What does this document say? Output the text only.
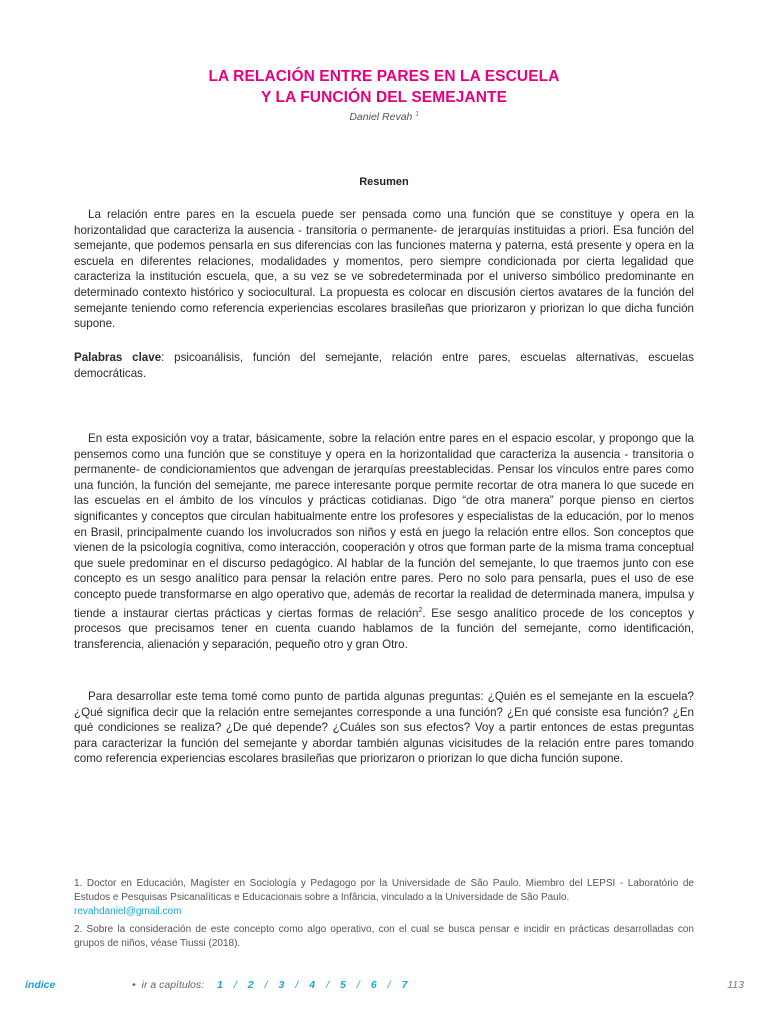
LA RELACIÓN ENTRE PARES EN LA ESCUELA
Y LA FUNCIÓN DEL SEMEJANTE
Daniel Revah $^1$
Resumen
La relación entre pares en la escuela puede ser pensada como una función que se constituye y opera en la horizontalidad que caracteriza la ausencia - transitoria o permanente- de jerarquías instituidas a priori. Esa función del semejante, que podemos pensarla en sus diferencias con las funciones materna y paterna, está presente y opera en la escuela en diferentes relaciones, modalidades y momentos, pero siempre condicionada por cierta legalidad que caracteriza la institución escuela, que, a su vez se ve sobredeterminada por el universo simbólico predominante en determinado contexto histórico y sociocultural. La propuesta es colocar en discusión ciertos avatares de la función del semejante teniendo como referencia experiencias escolares brasileñas que priorizaron y priorizan lo que dicha función supone.
Palabras clave: psicoanálisis, función del semejante, relación entre pares, escuelas alternativas, escuelas democráticas.
En esta exposición voy a tratar, básicamente, sobre la relación entre pares en el espacio escolar, y propongo que la pensemos como una función que se constituye y opera en la horizontalidad que caracteriza la ausencia - transitoria o permanente- de condicionamientos que advengan de jerarquías preestablecidas. Pensar los vínculos entre pares como una función, la función del semejante, me parece interesante porque permite recortar de otra manera lo que sucede en las escuelas en el ámbito de los vínculos y prácticas cotidianas. Digo “de otra manera” porque pienso en ciertos significantes y conceptos que circulan habitualmente entre los profesores y especialistas de la educación, por lo menos en Brasil, principalmente cuando los involucrados son niños y está en juego la relación entre ellos. Son conceptos que vienen de la psicología cognitiva, como interacción, cooperación y otros que forman parte de la misma trama conceptual que suele predominar en el discurso pedagógico. Al hablar de la función del semejante, lo que traemos junto con ese concepto es un sesgo analítico para pensar la relación entre pares. Pero no solo para pensarla, pues el uso de ese concepto puede transformarse en algo operativo que, además de recortar la realidad de determinada manera, impulsa y tiende a instaurar ciertas prácticas y ciertas formas de relación$^2$. Ese sesgo analítico procede de los conceptos y procesos que precisamos tener en cuenta cuando hablamos de la función del semejante, como identificación, transferencia, alienación y separación, pequeño otro y gran Otro.
Para desarrollar este tema tomé como punto de partida algunas preguntas: ¿Quién es el semejante en la escuela? ¿Qué significa decir que la relación entre semejantes corresponde a una función? ¿En qué consiste esa función? ¿En qué condiciones se realiza? ¿De qué depende? ¿Cuáles son sus efectos? Voy a partir entonces de estas preguntas para caracterizar la función del semejante y abordar también algunas vicisitudes de la relación entre pares tomando como referencia experiencias escolares brasileñas que priorizaron o priorizan lo que dicha función supone.
1. Doctor en Educación, Magíster en Sociología y Pedagogo por la Universidade de São Paulo. Miembro del LEPSI - Laboratório de Estudos e Pesquisas Psicanalíticas e Educacionais sobre a Infância, vinculado a la Universidade de São Paulo.
revahdaniel@gmail.com
2. Sobre la consideración de este concepto como algo operativo, con el cual se busca pensar e incidir en prácticas desarrolladas con grupos de niños, véase Tiussi (2018).
índice	• ir a capítulos: 1 / 2 / 3 / 4 / 5 / 6 / 7	113
